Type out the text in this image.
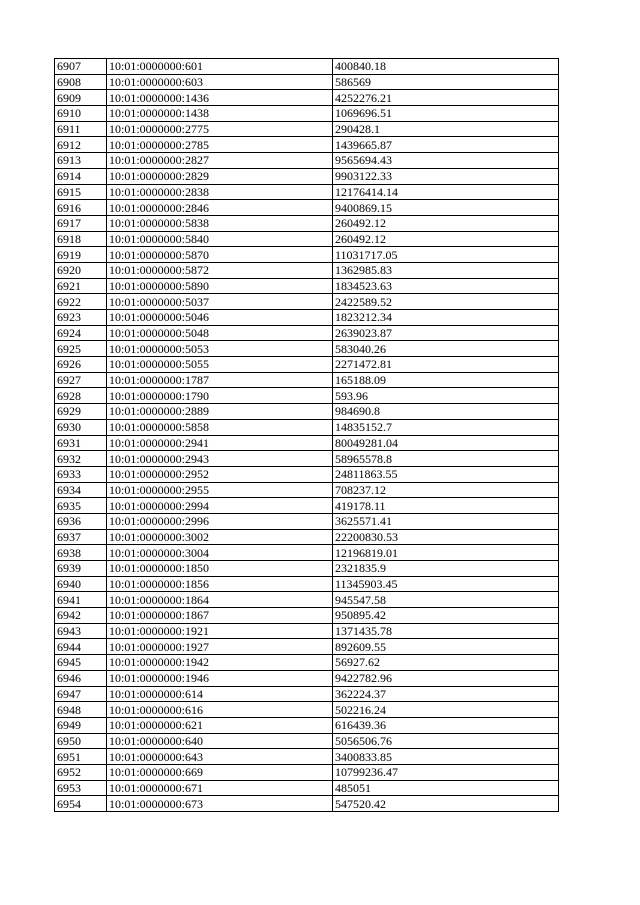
6907	10:01:0000000:601	400840.18
6908	10:01:0000000:603	586569
6909	10:01:0000000:1436	4252276.21
6910	10:01:0000000:1438	1069696.51
6911	10:01:0000000:2775	290428.1
6912	10:01:0000000:2785	1439665.87
6913	10:01:0000000:2827	9565694.43
6914	10:01:0000000:2829	9903122.33
6915	10:01:0000000:2838	12176414.14
6916	10:01:0000000:2846	9400869.15
6917	10:01:0000000:5838	260492.12
6918	10:01:0000000:5840	260492.12
6919	10:01:0000000:5870	11031717.05
6920	10:01:0000000:5872	1362985.83
6921	10:01:0000000:5890	1834523.63
6922	10:01:0000000:5037	2422589.52
6923	10:01:0000000:5046	1823212.34
6924	10:01:0000000:5048	2639023.87
6925	10:01:0000000:5053	583040.26
6926	10:01:0000000:5055	2271472.81
6927	10:01:0000000:1787	165188.09
6928	10:01:0000000:1790	593.96
6929	10:01:0000000:2889	984690.8
6930	10:01:0000000:5858	14835152.7
6931	10:01:0000000:2941	80049281.04
6932	10:01:0000000:2943	58965578.8
6933	10:01:0000000:2952	24811863.55
6934	10:01:0000000:2955	708237.12
6935	10:01:0000000:2994	419178.11
6936	10:01:0000000:2996	3625571.41
6937	10:01:0000000:3002	22200830.53
6938	10:01:0000000:3004	12196819.01
6939	10:01:0000000:1850	2321835.9
6940	10:01:0000000:1856	11345903.45
6941	10:01:0000000:1864	945547.58
6942	10:01:0000000:1867	950895.42
6943	10:01:0000000:1921	1371435.78
6944	10:01:0000000:1927	892609.55
6945	10:01:0000000:1942	56927.62
6946	10:01:0000000:1946	9422782.96
6947	10:01:0000000:614	362224.37
6948	10:01:0000000:616	502216.24
6949	10:01:0000000:621	616439.36
6950	10:01:0000000:640	5056506.76
6951	10:01:0000000:643	3400833.85
6952	10:01:0000000:669	10799236.47
6953	10:01:0000000:671	485051
6954	10:01:0000000:673	547520.42
